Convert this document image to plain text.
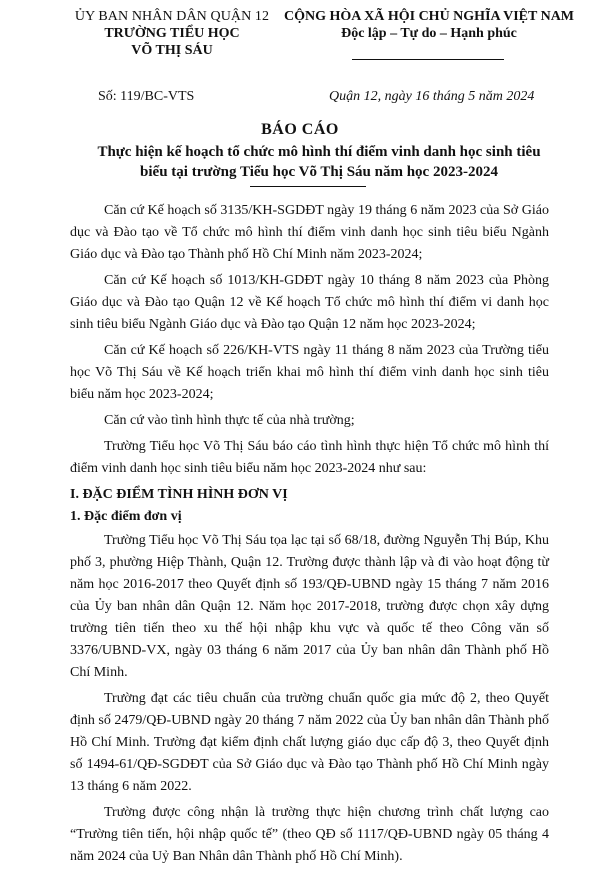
ỦY BAN NHÂN DÂN QUẬN 12
TRƯỜNG TIỂU HỌC
VÕ THỊ SÁU
CỘNG HÒA XÃ HỘI CHỦ NGHĨA VIỆT NAM
Độc lập – Tự do – Hạnh phúc
Số: 119/BC-VTS	Quận 12, ngày 16 tháng 5 năm 2024
BÁO CÁO
Thực hiện kế hoạch tổ chức mô hình thí điểm vinh danh học sinh tiêu biểu tại trường Tiểu học Võ Thị Sáu năm học 2023-2024

Căn cứ Kế hoạch số 3135/KH-SGDĐT ngày 19 tháng 6 năm 2023 của Sở Giáo dục và Đào tạo về Tổ chức mô hình thí điểm vinh danh học sinh tiêu biểu Ngành Giáo dục và Đào tạo Thành phố Hồ Chí Minh năm 2023-2024;

Căn cứ Kế hoạch số 1013/KH-GDĐT ngày 10 tháng 8 năm 2023 của Phòng Giáo dục và Đào tạo Quận 12 về Kế hoạch Tổ chức mô hình thí điểm vi danh học sinh tiêu biểu Ngành Giáo dục và Đào tạo Quận 12 năm học 2023-2024;

Căn cứ Kế hoạch số 226/KH-VTS ngày 11 tháng 8 năm 2023 của Trường tiểu học Võ Thị Sáu về Kế hoạch triển khai mô hình thí điểm vinh danh học sinh tiêu biểu năm học 2023-2024;

Căn cứ vào tình hình thực tế của nhà trường;

Trường Tiểu học Võ Thị Sáu báo cáo tình hình thực hiện Tổ chức mô hình thí điểm vinh danh học sinh tiêu biểu năm học 2023-2024 như sau:

I. ĐẶC ĐIỂM TÌNH HÌNH ĐƠN VỊ
1. Đặc điểm đơn vị

Trường Tiểu học Võ Thị Sáu tọa lạc tại số 68/18, đường Nguyễn Thị Búp, Khu phố 3, phường Hiệp Thành, Quận 12. Trường được thành lập và đi vào hoạt động từ năm học 2016-2017 theo Quyết định số 193/QĐ-UBND ngày 15 tháng 7 năm 2016 của Ủy ban nhân dân Quận 12. Năm học 2017-2018, trường được chọn xây dựng trường tiên tiến theo xu thế hội nhập khu vực và quốc tế theo Công văn số 3376/UBND-VX, ngày 03 tháng 6 năm 2017 của Ủy ban nhân dân Thành phố Hồ Chí Minh.

Trường đạt các tiêu chuẩn của trường chuẩn quốc gia mức độ 2, theo Quyết định số 2479/QĐ-UBND ngày 20 tháng 7 năm 2022 của Ủy ban nhân dân Thành phố Hồ Chí Minh. Trường đạt kiểm định chất lượng giáo dục cấp độ 3, theo Quyết định số 1494-61/QĐ-SGDĐT của Sở Giáo dục và Đào tạo Thành phố Hồ Chí Minh ngày 13 tháng 6 năm 2022.

Trường được công nhận là trường thực hiện chương trình chất lượng cao “Trường tiên tiến, hội nhập quốc tế” (theo QĐ số 1117/QĐ-UBND ngày 05 tháng 4 năm 2024 của Uỷ Ban Nhân dân Thành phố Hồ Chí Minh).
